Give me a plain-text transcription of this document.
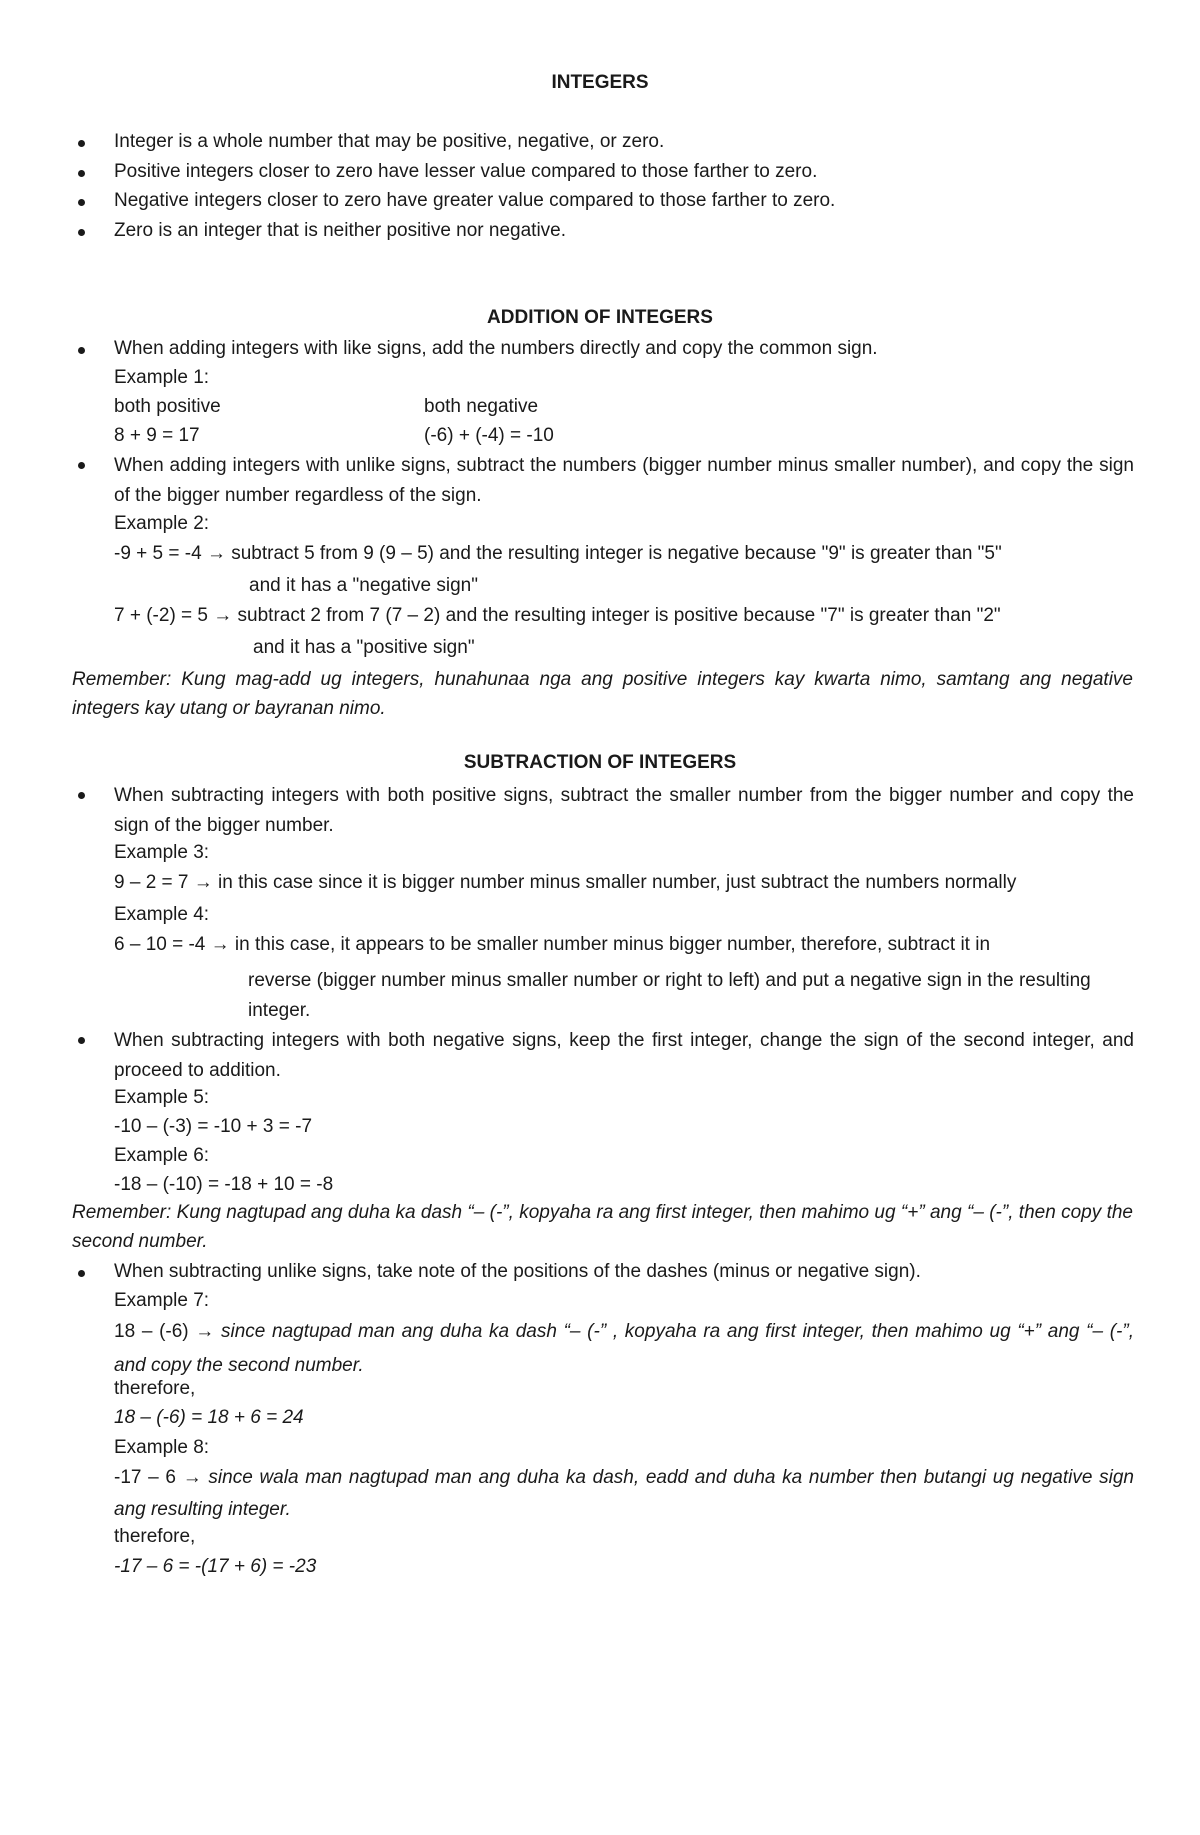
INTEGERS
Integer is a whole number that may be positive, negative, or zero.
Positive integers closer to zero have lesser value compared to those farther to zero.
Negative integers closer to zero have greater value compared to those farther to zero.
Zero is an integer that is neither positive nor negative.
ADDITION OF INTEGERS
When adding integers with like signs, add the numbers directly and copy the common sign.
Example 1:
both positive	both negative
8 + 9 = 17	(-6) + (-4) = -10
When adding integers with unlike signs, subtract the numbers (bigger number minus smaller number), and copy the sign of the bigger number regardless of the sign.
Example 2:
-9 + 5 = -4 → subtract 5 from 9 (9 – 5) and the resulting integer is negative because "9" is greater than "5"
and it has a "negative sign"
7 + (-2) = 5 → subtract 2 from 7 (7 – 2) and the resulting integer is positive because "7" is greater than "2"
and it has a "positive sign"
Remember: Kung mag-add ug integers, hunahunaa nga ang positive integers kay kwarta nimo, samtang ang negative integers kay utang or bayranan nimo.
SUBTRACTION OF INTEGERS
When subtracting integers with both positive signs, subtract the smaller number from the bigger number and copy the sign of the bigger number.
Example 3:
9 – 2 = 7 → in this case since it is bigger number minus smaller number, just subtract the numbers normally
Example 4:
6 – 10 = -4 → in this case, it appears to be smaller number minus bigger number, therefore, subtract it in
reverse (bigger number minus smaller number or right to left) and put a negative sign in the resulting integer.
When subtracting integers with both negative signs, keep the first integer, change the sign of the second integer, and proceed to addition.
Example 5:
-10 – (-3) = -10 + 3 = -7
Example 6:
-18 – (-10) = -18 + 10 = -8
Remember: Kung nagtupad ang duha ka dash “– (-”, kopyaha ra ang first integer, then mahimo ug “+” ang “– (-”, then copy the second number.
When subtracting unlike signs, take note of the positions of the dashes (minus or negative sign).
Example 7:
18 – (-6) → since nagtupad man ang duha ka dash “– (-” , kopyaha ra ang first integer, then mahimo ug “+” ang “– (-”, and copy the second number.
therefore,
18 – (-6) = 18 + 6 = 24
Example 8:
-17 – 6 → since wala man nagtupad man ang duha ka dash, eadd and duha ka number then butangi ug negative sign ang resulting integer.
therefore,
-17 – 6 = -(17 + 6) = -23
